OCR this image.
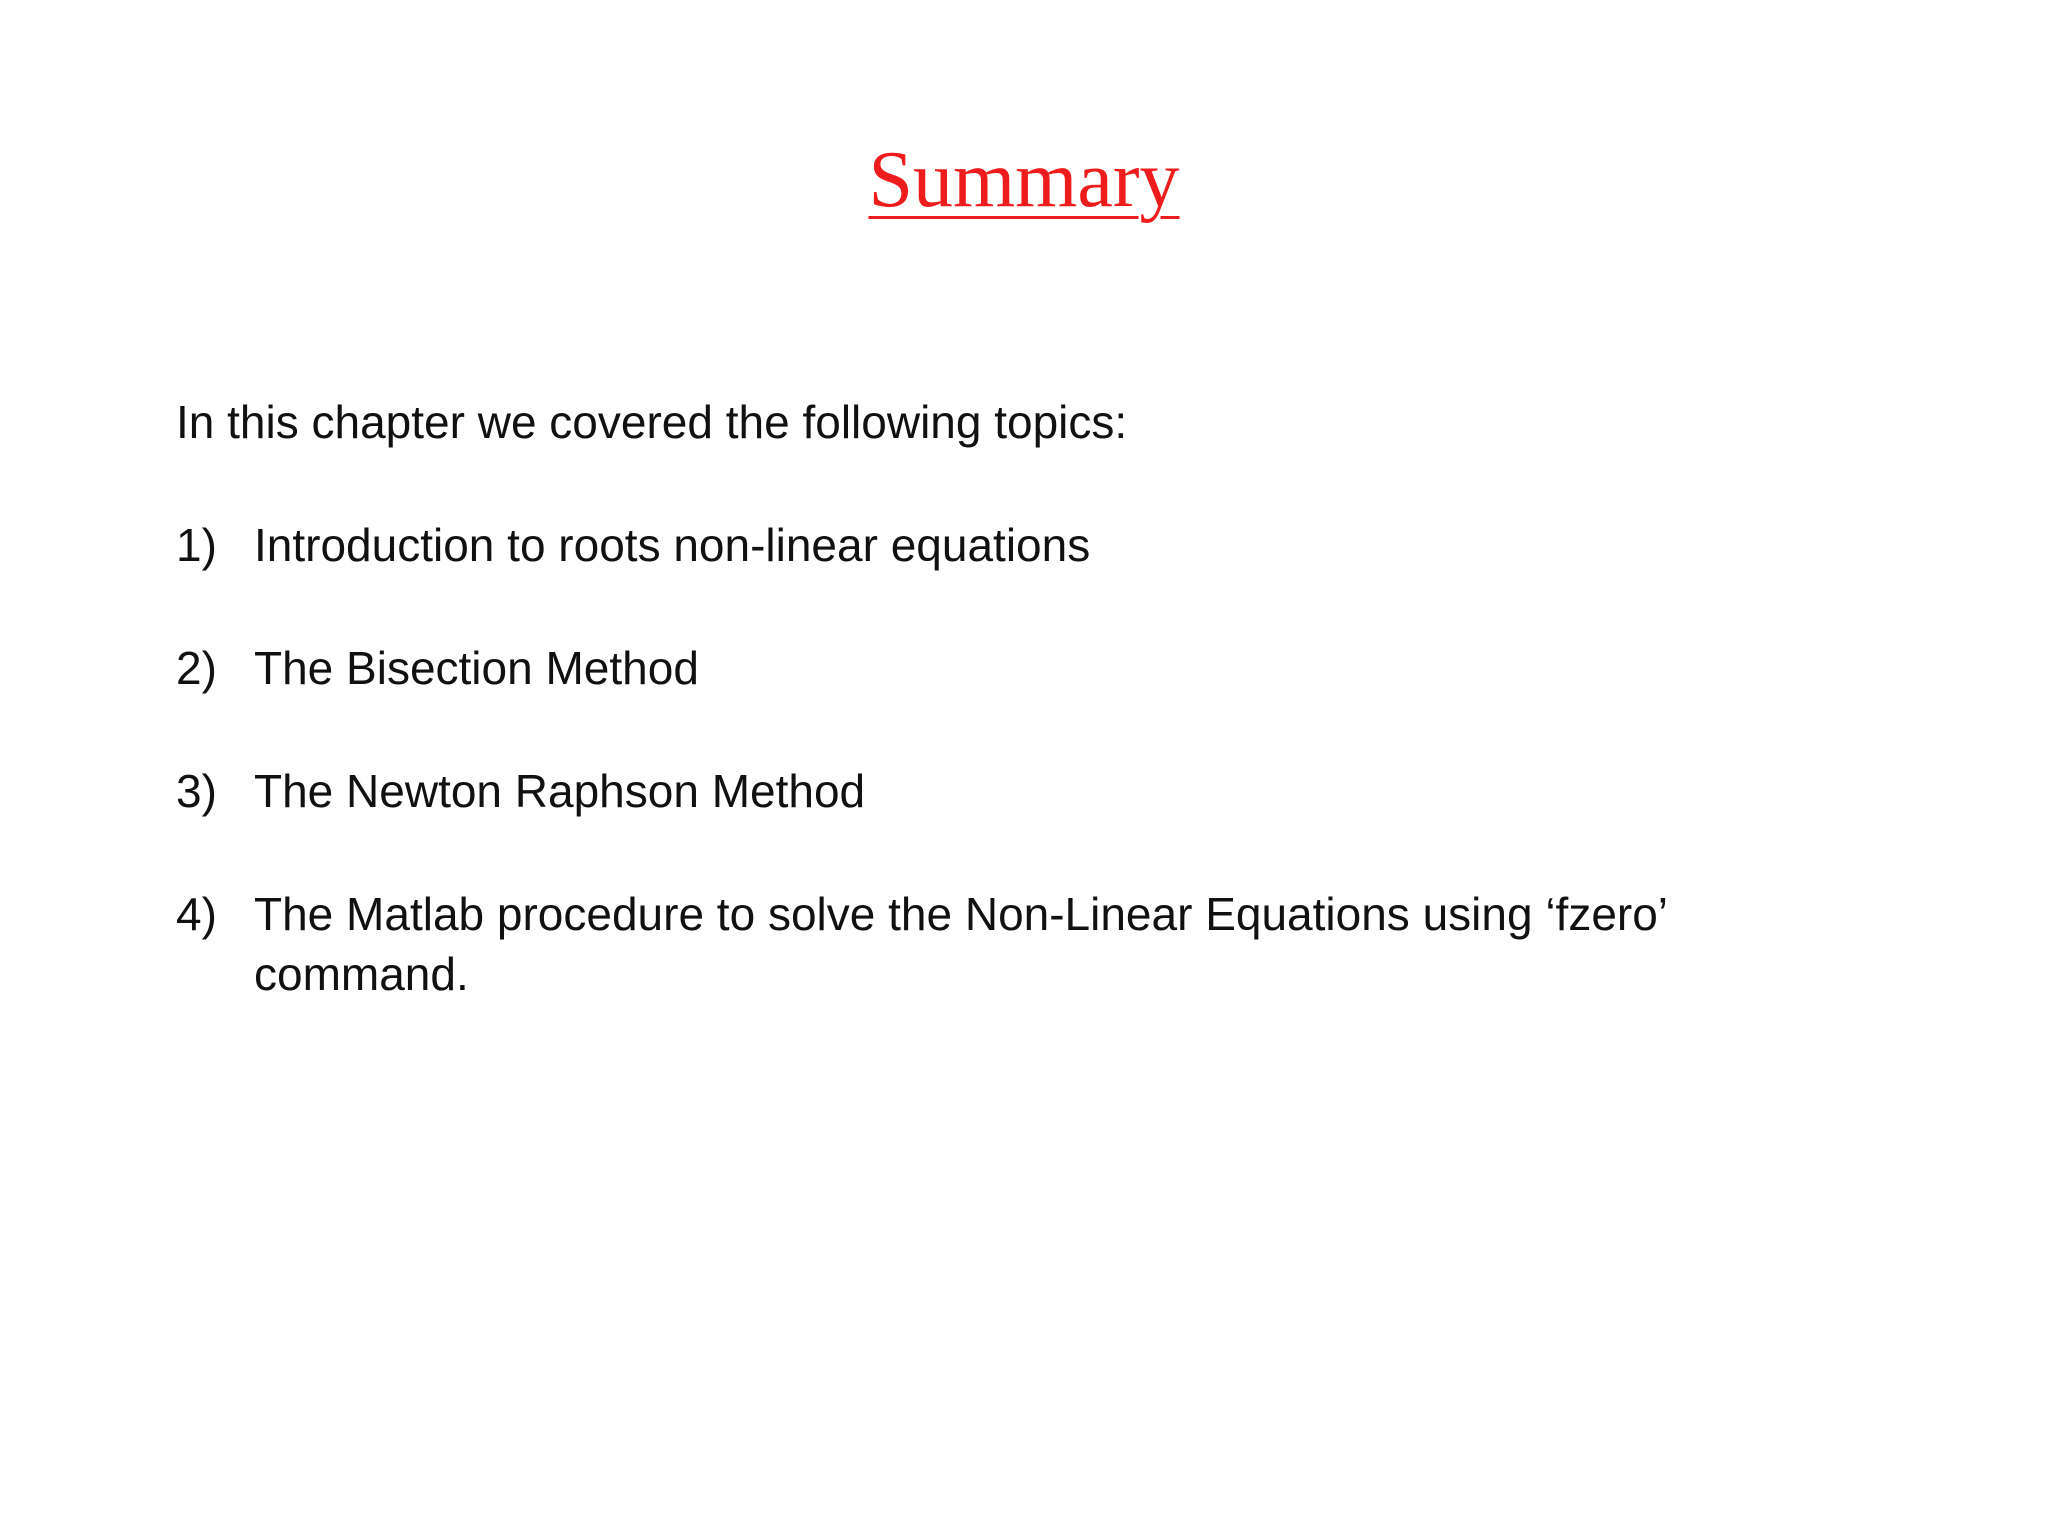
Summary

In this chapter we covered the following topics:

1) Introduction to roots non-linear equations
2) The Bisection Method
3) The Newton Raphson Method
4) The Matlab procedure to solve the Non-Linear Equations using ‘fzero’ command.
